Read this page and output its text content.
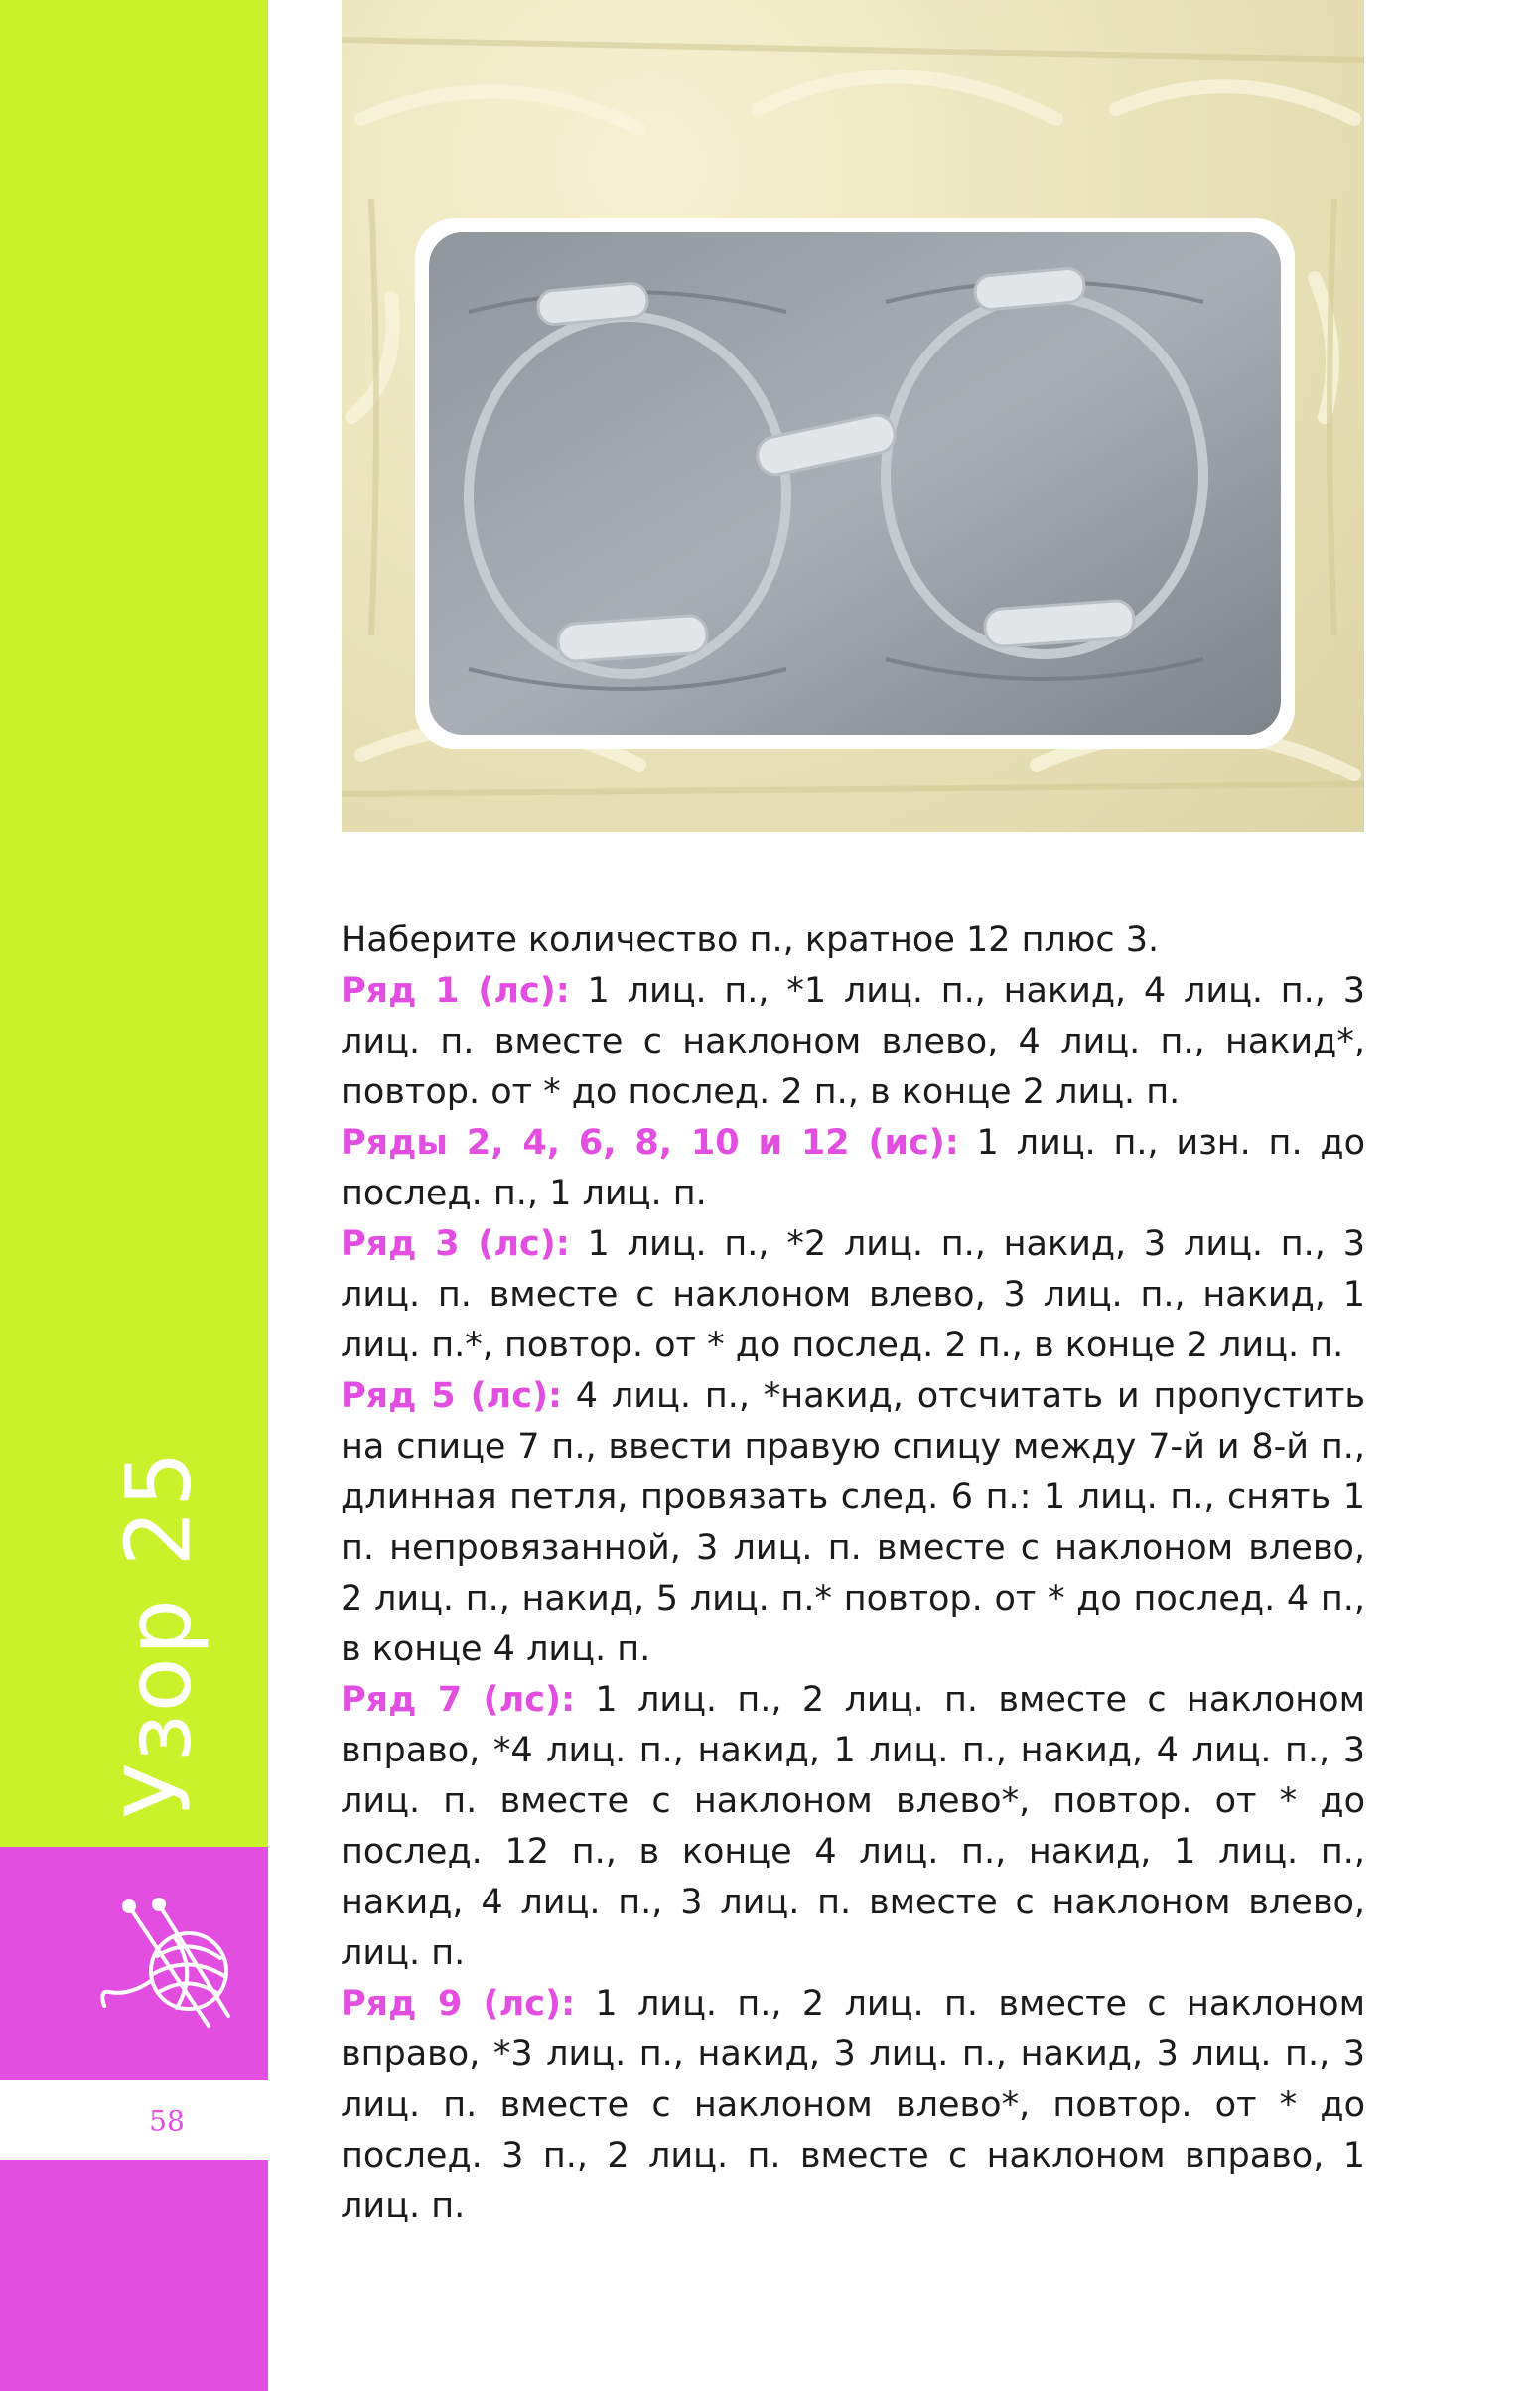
Узор 25
58

Наберите количество п., кратное 12 плюс 3.

Ряд 1 (лс): 1 лиц. п., *1 лиц. п., накид, 4 лиц. п., 3 лиц. п. вместе с наклоном влево, 4 лиц. п., накид*, повтор. от * до послед. 2 п., в конце 2 лиц. п.

Ряды 2, 4, 6, 8, 10 и 12 (ис): 1 лиц. п., изн. п. до послед. п., 1 лиц. п.

Ряд 3 (лс): 1 лиц. п., *2 лиц. п., накид, 3 лиц. п., 3 лиц. п. вместе с наклоном влево, 3 лиц. п., накид, 1 лиц. п.*, повтор. от * до послед. 2 п., в конце 2 лиц. п.

Ряд 5 (лс): 4 лиц. п., *накид, отсчитать и пропустить на спице 7 п., ввести правую спицу между 7-й и 8-й п., длинная петля, провязать след. 6 п.: 1 лиц. п., снять 1 п. непровязанной, 3 лиц. п. вместе с наклоном влево, 2 лиц. п., накид, 5 лиц. п.* повтор. от * до послед. 4 п., в конце 4 лиц. п.

Ряд 7 (лс): 1 лиц. п., 2 лиц. п. вместе с наклоном вправо, *4 лиц. п., накид, 1 лиц. п., накид, 4 лиц. п., 3 лиц. п. вместе с наклоном влево*, повтор. от * до послед. 12 п., в конце 4 лиц. п., накид, 1 лиц. п., накид, 4 лиц. п., 3 лиц. п. вместе с наклоном влево, лиц. п.

Ряд 9 (лс): 1 лиц. п., 2 лиц. п. вместе с наклоном вправо, *3 лиц. п., накид, 3 лиц. п., накид, 3 лиц. п., 3 лиц. п. вместе с наклоном влево*, повтор. от * до послед. 3 п., 2 лиц. п. вместе с наклоном вправо, 1 лиц. п.
